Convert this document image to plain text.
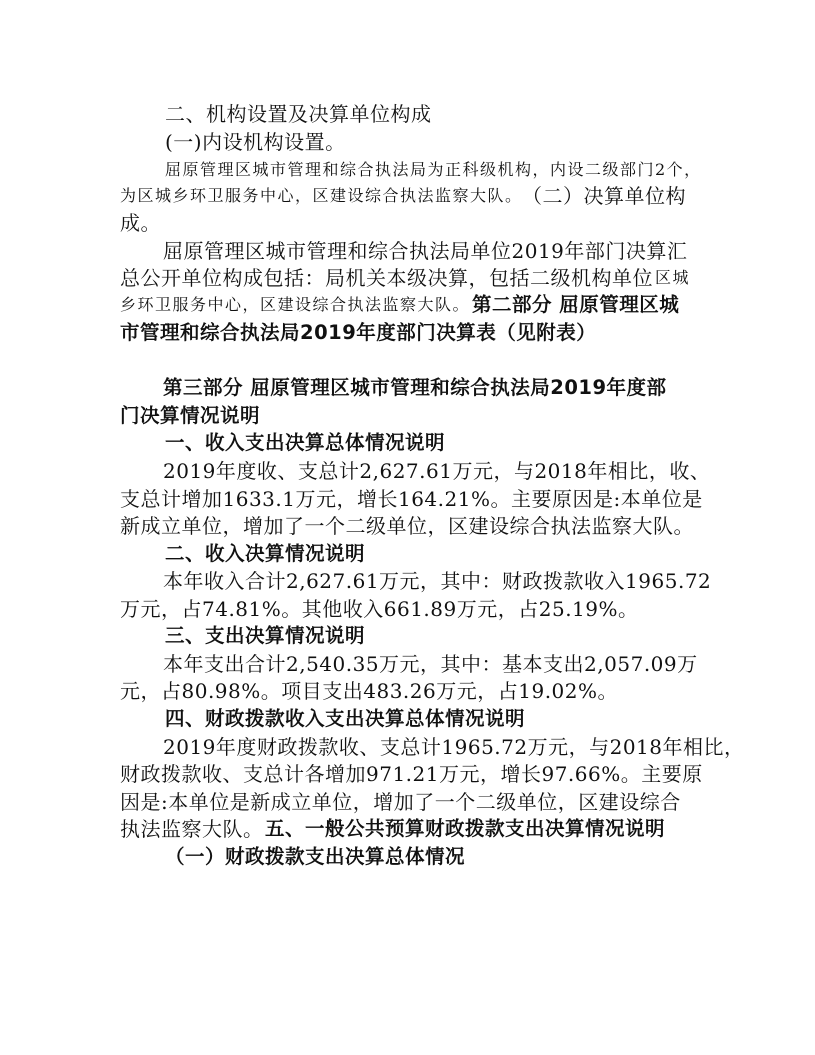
二、机构设置及决算单位构成
(一)内设机构设置。
屈原管理区城市管理和综合执法局为正科级机构，内设二级部门2个，
为区城乡环卫服务中心，区建设综合执法监察大队。 （二）决算单位构
成。
屈原管理区城市管理和综合执法局单位2019年部门决算汇
总公开单位构成包括：局机关本级决算，包括二级机构单位 区城
乡环卫服务中心，区建设综合执法监察大队。 第二部分 屈原管理区城
市管理和综合执法局2019年度部门决算表（见附表）
第三部分 屈原管理区城市管理和综合执法局2019年度部
门决算情况说明
一、收入支出决算总体情况说明
2019年度收、支总计2,627.61万元，与2018年相比，收、
支总计增加1633.1万元，增长164.21%。主要原因是:本单位是
新成立单位，增加了一个二级单位，区建设综合执法监察大队。
二、收入决算情况说明
本年收入合计2,627.61万元，其中：财政拨款收入1965.72
万元，占74.81%。其他收入661.89万元，占25.19%。
三、支出决算情况说明
本年支出合计2,540.35万元，其中：基本支出2,057.09万
元，占80.98%。项目支出483.26万元，占19.02%。
四、财政拨款收入支出决算总体情况说明
2019年度财政拨款收、支总计1965.72万元，与2018年相比，
财政拨款收、支总计各增加971.21万元，增长97.66%。主要原
因是:本单位是新成立单位，增加了一个二级单位，区建设综合
执法监察大队。 五、一般公共预算财政拨款支出决算情况说明
（一）财政拨款支出决算总体情况
